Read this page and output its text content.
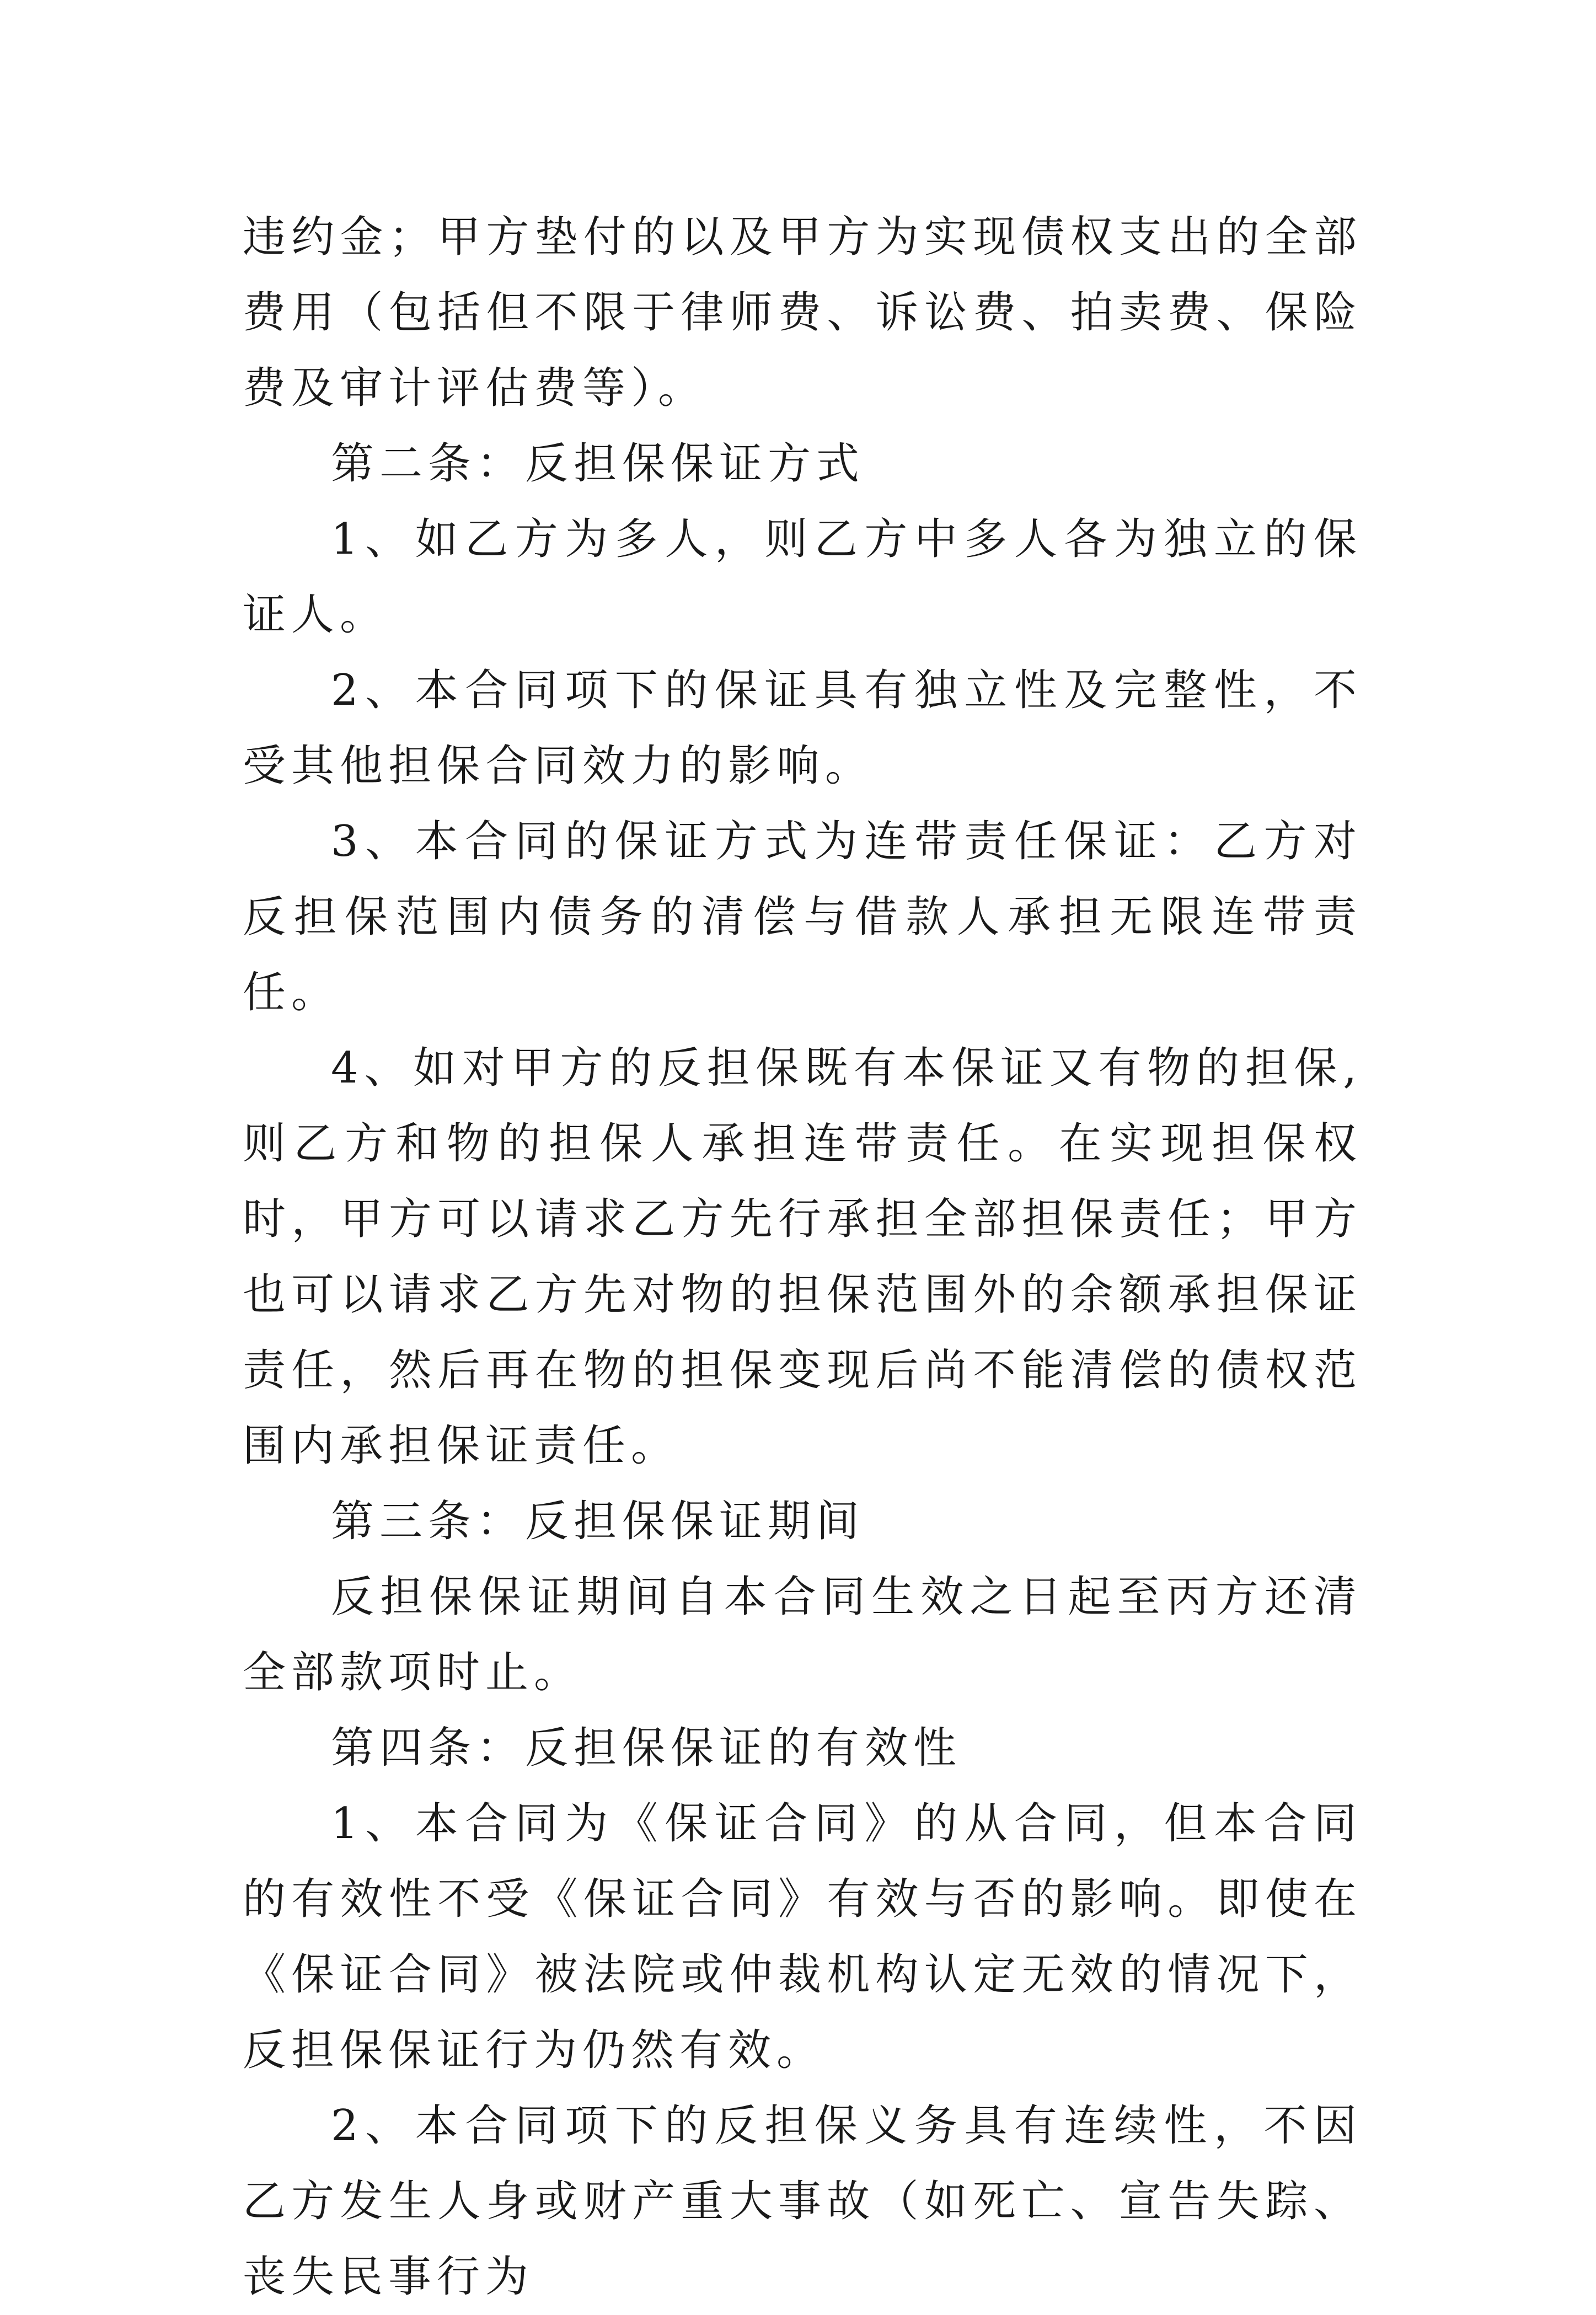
违约金；甲方垫付的以及甲方为实现债权支出的全部费用（包括但不限于律师费、诉讼费、拍卖费、保险费及审计评估费等）。

第二条：反担保保证方式

1、如乙方为多人，则乙方中多人各为独立的保证人。

2、本合同项下的保证具有独立性及完整性，不受其他担保合同效力的影响。

3、本合同的保证方式为连带责任保证：乙方对反担保范围内债务的清偿与借款人承担无限连带责任。

4、如对甲方的反担保既有本保证又有物的担保,则乙方和物的担保人承担连带责任。在实现担保权时，甲方可以请求乙方先行承担全部担保责任；甲方也可以请求乙方先对物的担保范围外的余额承担保证责任，然后再在物的担保变现后尚不能清偿的债权范围内承担保证责任。

第三条：反担保保证期间

反担保保证期间自本合同生效之日起至丙方还清全部款项时止。

第四条：反担保保证的有效性

1、本合同为《保证合同》的从合同，但本合同的有效性不受《保证合同》有效与否的影响。即使在《保证合同》被法院或仲裁机构认定无效的情况下，反担保保证行为仍然有效。

2、本合同项下的反担保义务具有连续性，不因乙方发生人身或财产重大事故（如死亡、宣告失踪、丧失民事行为
